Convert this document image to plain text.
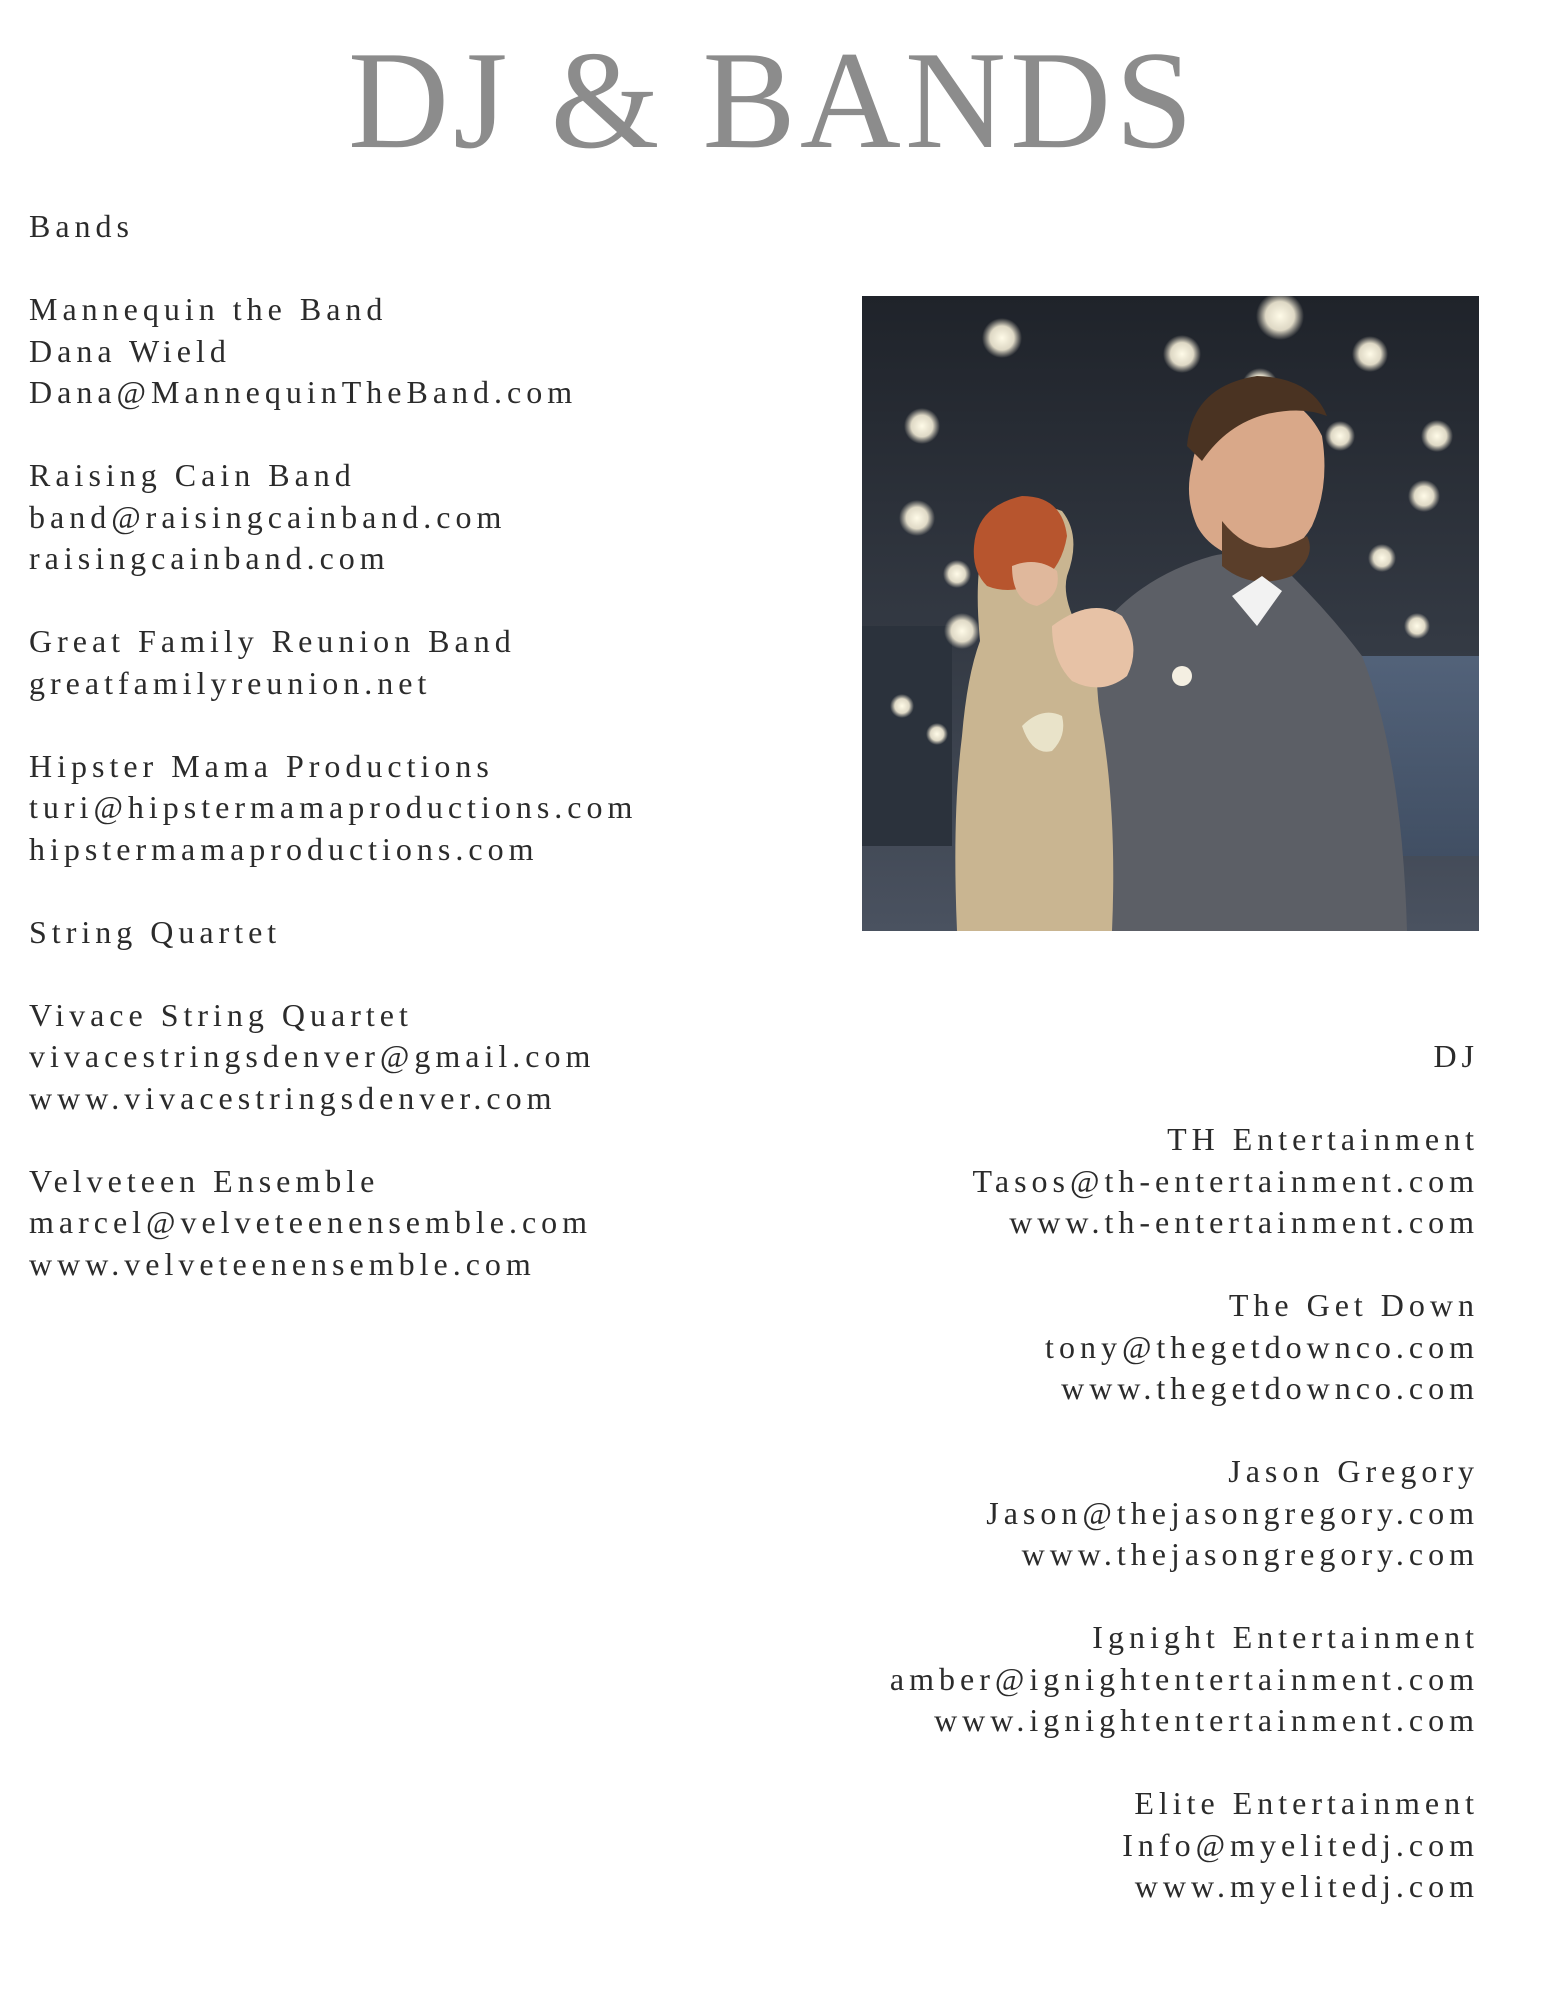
DJ & BANDS
Bands
Mannequin the Band
Dana Wield
Dana@MannequinTheBand.com
Raising Cain Band
band@raisingcainband.com
raisingcainband.com
Great Family Reunion Band
greatfamilyreunion.net
Hipster Mama Productions
turi@hipstermamaproductions.com
hipstermamaproductions.com
String Quartet
Vivace String Quartet
vivacestringsdenver@gmail.com
www.vivacestringsdenver.com
Velveteen Ensemble
marcel@velveteenensemble.com
www.velveteenensemble.com
DJ
TH Entertainment
Tasos@th-entertainment.com
www.th-entertainment.com
The Get Down
tony@thegetdownco.com
www.thegetdownco.com
Jason Gregory
Jason@thejasongregory.com
www.thejasongregory.com
Ignight Entertainment
amber@ignightentertainment.com
www.ignightentertainment.com
Elite Entertainment
Info@myelitedj.com
www.myelitedj.com
